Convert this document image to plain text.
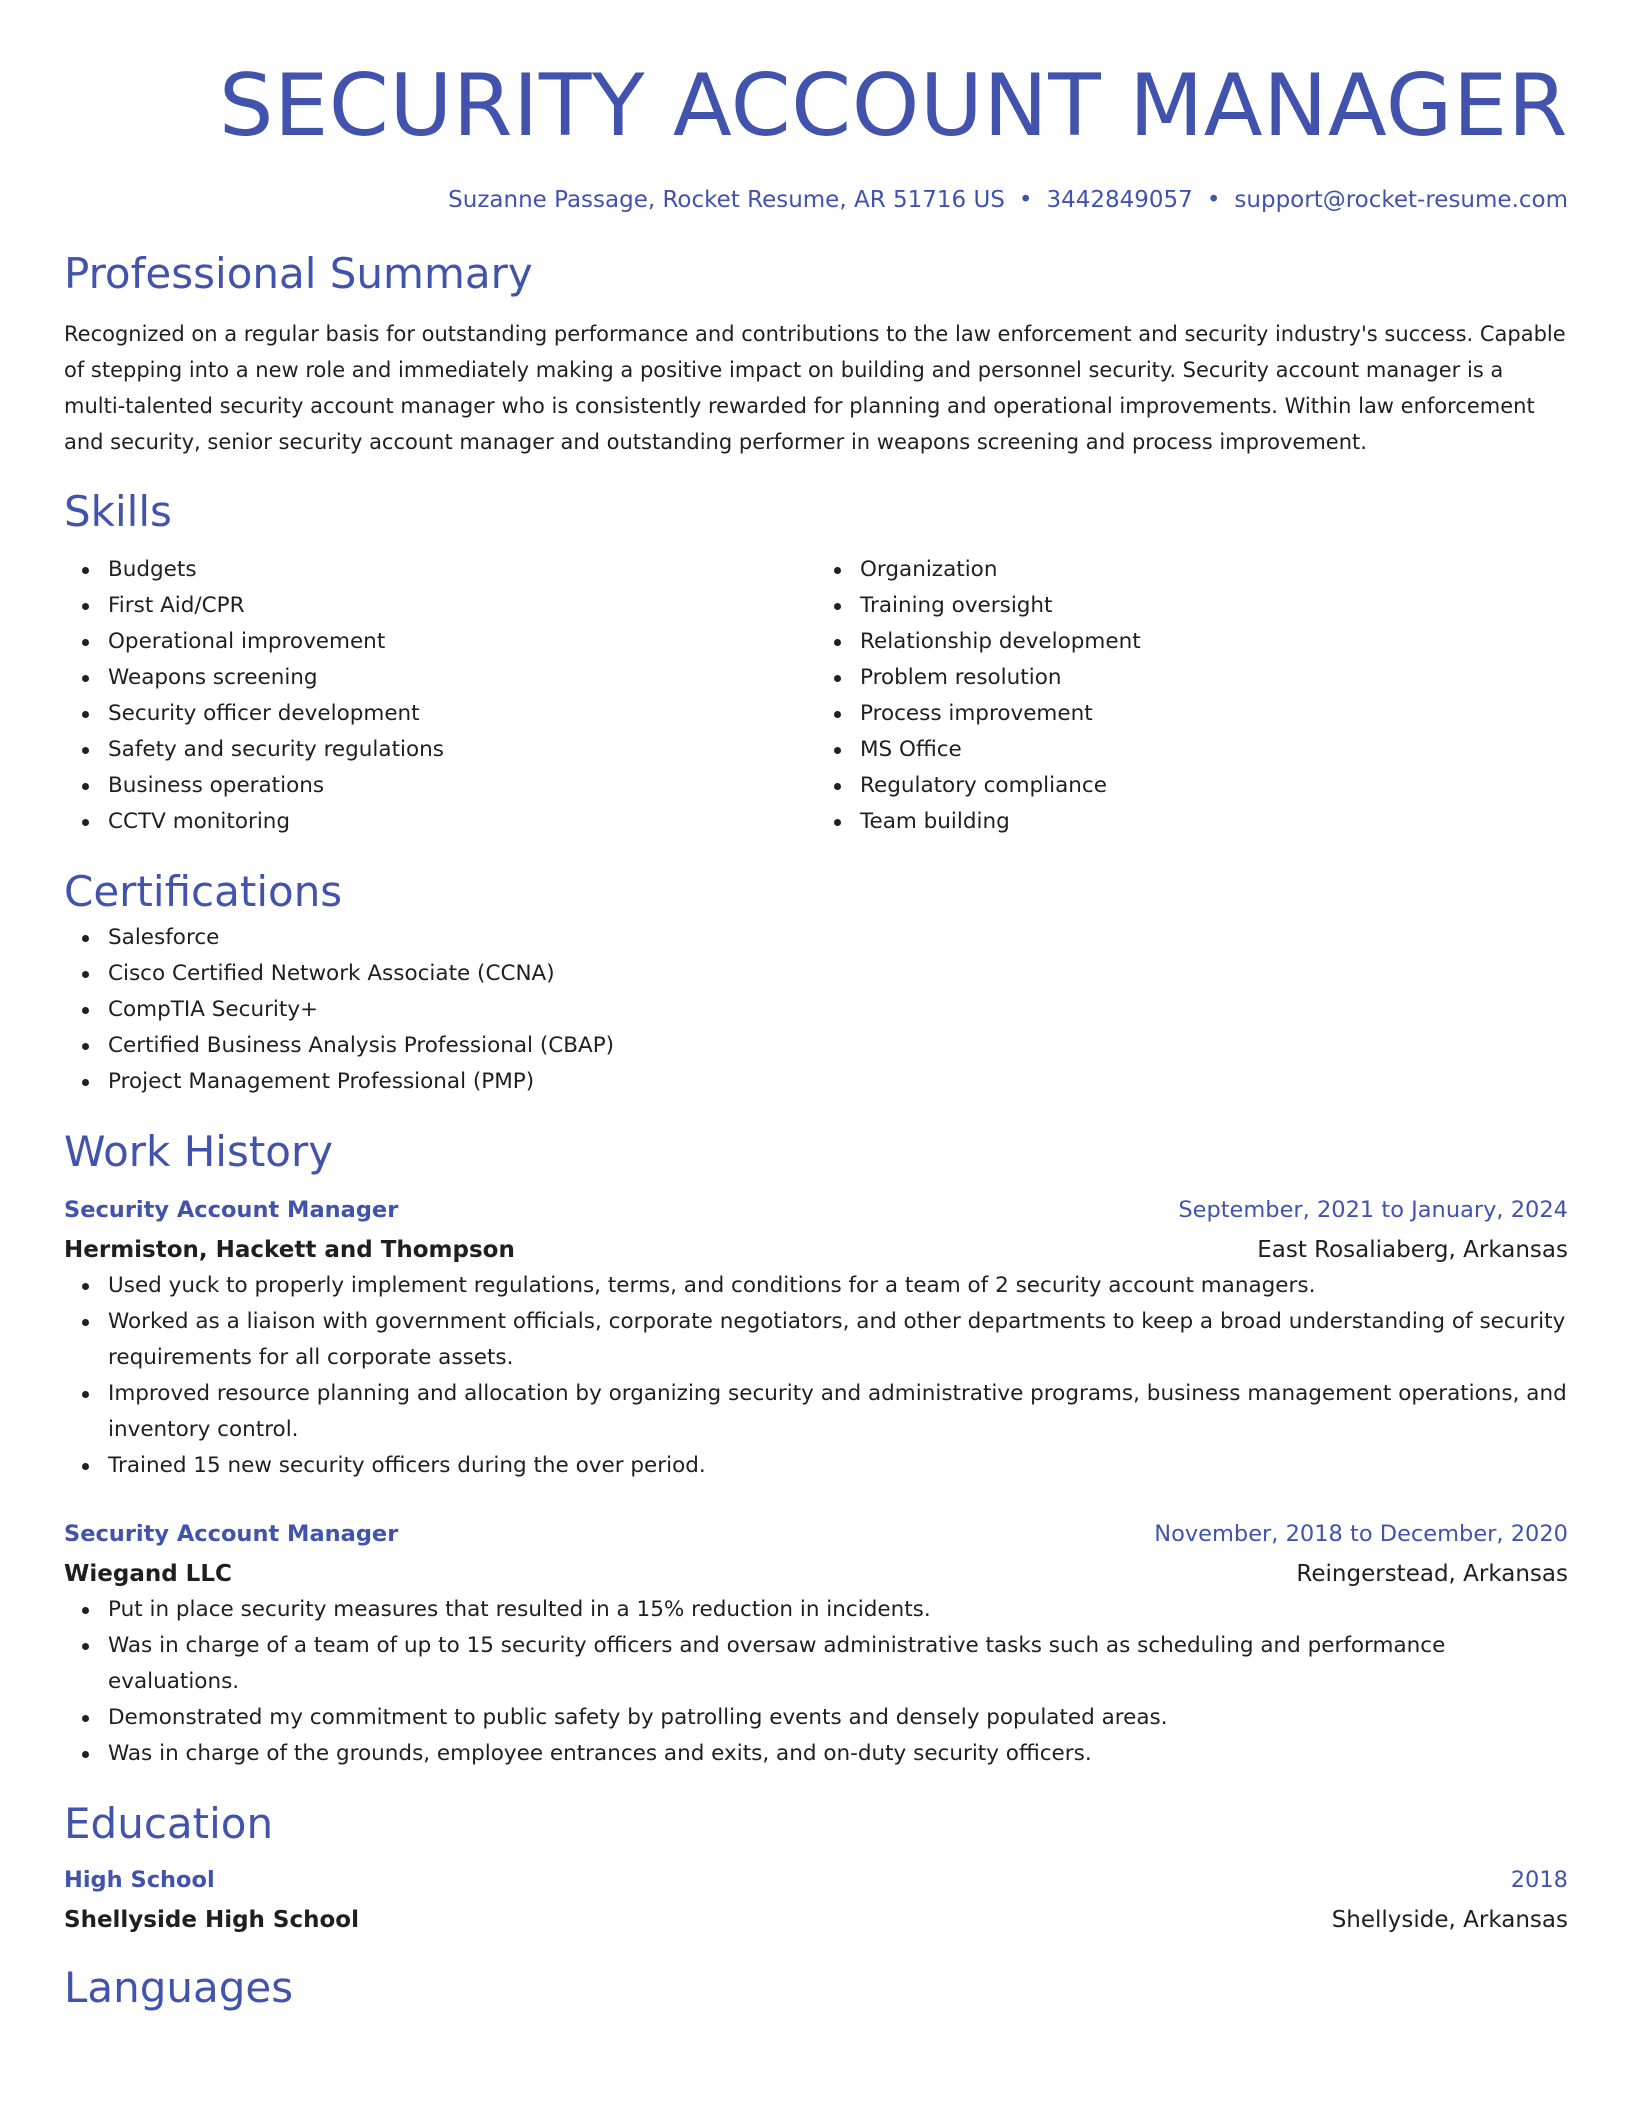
SECURITY ACCOUNT MANAGER
Suzanne Passage, Rocket Resume, AR 51716 US • 3442849057 • support@rocket-resume.com
Professional Summary
Recognized on a regular basis for outstanding performance and contributions to the law enforcement and security industry's success. Capable of stepping into a new role and immediately making a positive impact on building and personnel security. Security account manager is a multi-talented security account manager who is consistently rewarded for planning and operational improvements. Within law enforcement and security, senior security account manager and outstanding performer in weapons screening and process improvement.
Skills
Budgets
First Aid/CPR
Operational improvement
Weapons screening
Security officer development
Safety and security regulations
Business operations
CCTV monitoring
Organization
Training oversight
Relationship development
Problem resolution
Process improvement
MS Office
Regulatory compliance
Team building
Certifications
Salesforce
Cisco Certified Network Associate (CCNA)
CompTIA Security+
Certified Business Analysis Professional (CBAP)
Project Management Professional (PMP)
Work History
Security Account Manager	September, 2021 to January, 2024
Hermiston, Hackett and Thompson	East Rosaliaberg, Arkansas
Used yuck to properly implement regulations, terms, and conditions for a team of 2 security account managers.
Worked as a liaison with government officials, corporate negotiators, and other departments to keep a broad understanding of security requirements for all corporate assets.
Improved resource planning and allocation by organizing security and administrative programs, business management operations, and inventory control.
Trained 15 new security officers during the over period.
Security Account Manager	November, 2018 to December, 2020
Wiegand LLC	Reingerstead, Arkansas
Put in place security measures that resulted in a 15% reduction in incidents.
Was in charge of a team of up to 15 security officers and oversaw administrative tasks such as scheduling and performance evaluations.
Demonstrated my commitment to public safety by patrolling events and densely populated areas.
Was in charge of the grounds, employee entrances and exits, and on-duty security officers.
Education
High School	2018
Shellyside High School	Shellyside, Arkansas
Languages
